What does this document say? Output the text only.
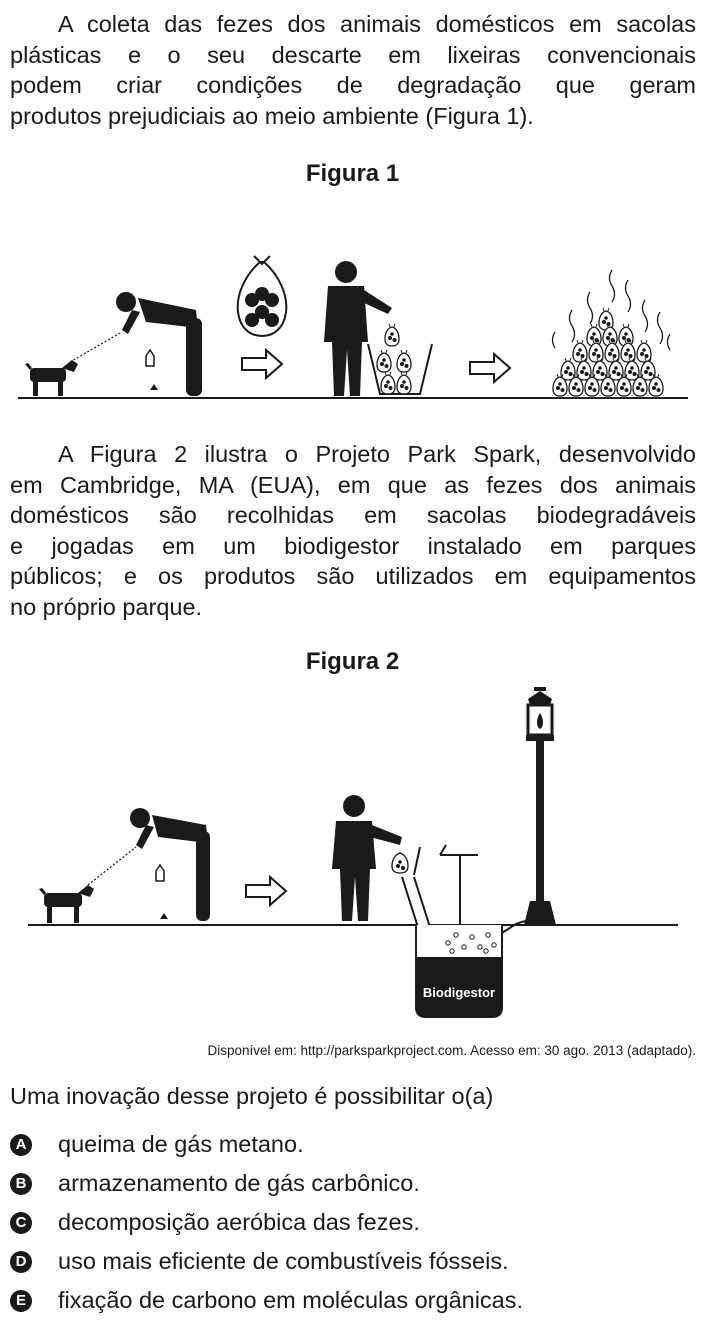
A coleta das fezes dos animais domésticos em sacolas
plásticas e o seu descarte em lixeiras convencionais
podem criar condições de degradação que geram
produtos prejudiciais ao meio ambiente (Figura 1).
Figura 1
A Figura 2 ilustra o Projeto Park Spark, desenvolvido
em Cambridge, MA (EUA), em que as fezes dos animais
domésticos são recolhidas em sacolas biodegradáveis
e jogadas em um biodigestor instalado em parques
públicos; e os produtos são utilizados em equipamentos
no próprio parque.
Figura 2
Biodigestor

Disponível em: http://parksparkproject.com. Acesso em: 30 ago. 2013 (adaptado).

Uma inovação desse projeto é possibilitar o(a)

A queima de gás metano.
B armazenamento de gás carbônico.
C decomposição aeróbica das fezes.
D uso mais eficiente de combustíveis fósseis.
E fixação de carbono em moléculas orgânicas.
